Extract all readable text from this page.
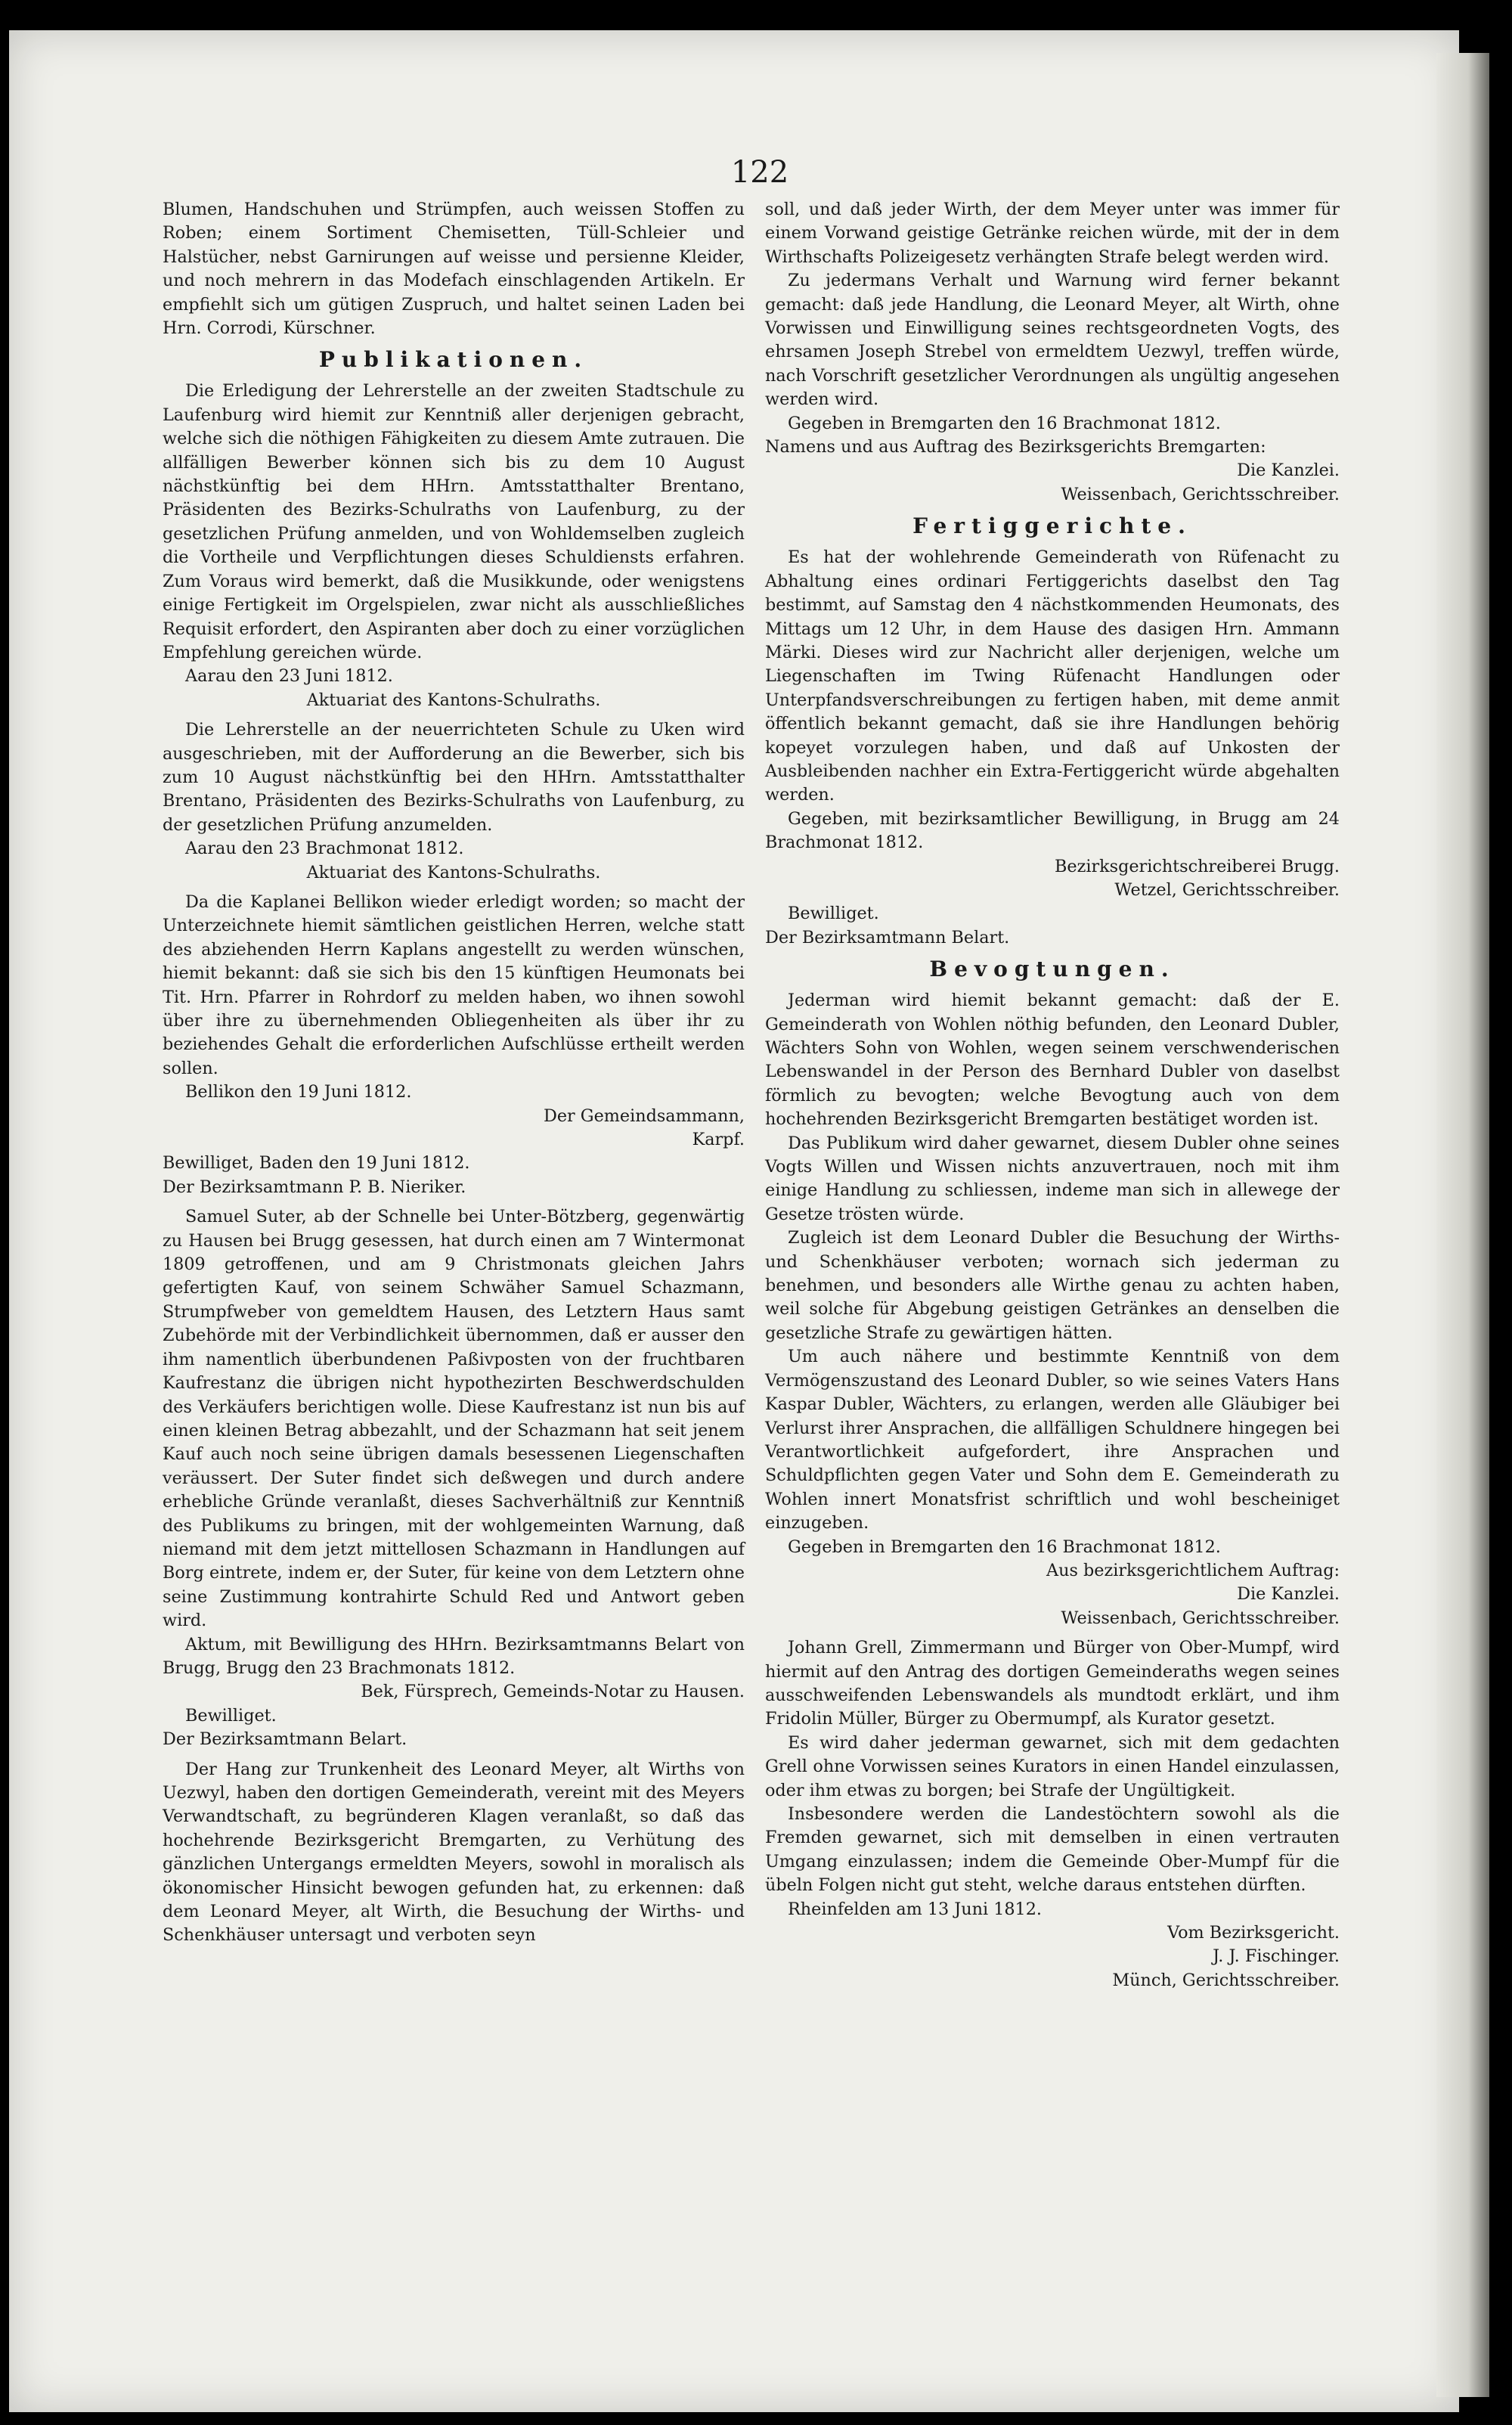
122

Blumen, Handschuhen und Strümpfen, auch weissen Stoffen zu Roben; einem Sortiment Chemisetten, Tüll-Schleier und Halstücher, nebst Garnirungen auf weisse und persienne Kleider, und noch mehrern in das Modefach einschlagenden Artikeln. Er empfiehlt sich um gütigen Zuspruch, und haltet seinen Laden bei Hrn. Corrodi, Kürschner.

Publikationen.

Die Erledigung der Lehrerstelle an der zweiten Stadtschule zu Laufenburg wird hiemit zur Kenntniß aller derjenigen gebracht, welche sich die nöthigen Fähigkeiten zu diesem Amte zutrauen. Die allfälligen Bewerber können sich bis zu dem 10 August nächstkünftig bei dem HHrn. Amtsstatthalter Brentano, Präsidenten des Bezirks-Schulraths von Laufenburg, zu der gesetzlichen Prüfung anmelden, und von Wohldemselben zugleich die Vortheile und Verpflichtungen dieses Schuldiensts erfahren. Zum Voraus wird bemerkt, daß die Musikkunde, oder wenigstens einige Fertigkeit im Orgelspielen, zwar nicht als ausschließliches Requisit erfordert, den Aspiranten aber doch zu einer vorzüglichen Empfehlung gereichen würde.

Aarau den 23 Juni 1812.

Aktuariat des Kantons-Schulraths.

Die Lehrerstelle an der neuerrichteten Schule zu Uken wird ausgeschrieben, mit der Aufforderung an die Bewerber, sich bis zum 10 August nächstkünftig bei den HHrn. Amtsstatthalter Brentano, Präsidenten des Bezirks-Schulraths von Laufenburg, zu der gesetzlichen Prüfung anzumelden.

Aarau den 23 Brachmonat 1812.

Aktuariat des Kantons-Schulraths.

Da die Kaplanei Bellikon wieder erledigt worden; so macht der Unterzeichnete hiemit sämtlichen geistlichen Herren, welche statt des abziehenden Herrn Kaplans angestellt zu werden wünschen, hiemit bekannt: daß sie sich bis den 15 künftigen Heumonats bei Tit. Hrn. Pfarrer in Rohrdorf zu melden haben, wo ihnen sowohl über ihre zu übernehmenden Obliegenheiten als über ihr zu beziehendes Gehalt die erforderlichen Aufschlüsse ertheilt werden sollen.

Bellikon den 19 Juni 1812.

Der Gemeindsammann,

Karpf.

Bewilliget, Baden den 19 Juni 1812.

Der Bezirksamtmann P. B. Nieriker.

Samuel Suter, ab der Schnelle bei Unter-Bötzberg, gegenwärtig zu Hausen bei Brugg gesessen, hat durch einen am 7 Wintermonat 1809 getroffenen, und am 9 Christmonats gleichen Jahrs gefertigten Kauf, von seinem Schwäher Samuel Schazmann, Strumpfweber von gemeldtem Hausen, des Letztern Haus samt Zubehörde mit der Verbindlichkeit übernommen, daß er ausser den ihm namentlich überbundenen Paßivposten von der fruchtbaren Kaufrestanz die übrigen nicht hypothezirten Beschwerdschulden des Verkäufers berichtigen wolle. Diese Kaufrestanz ist nun bis auf einen kleinen Betrag abbezahlt, und der Schazmann hat seit jenem Kauf auch noch seine übrigen damals besessenen Liegenschaften veräussert. Der Suter findet sich deßwegen und durch andere erhebliche Gründe veranlaßt, dieses Sachverhältniß zur Kenntniß des Publikums zu bringen, mit der wohlgemeinten Warnung, daß niemand mit dem jetzt mittellosen Schazmann in Handlungen auf Borg eintrete, indem er, der Suter, für keine von dem Letztern ohne seine Zustimmung kontrahirte Schuld Red und Antwort geben wird.

Aktum, mit Bewilligung des HHrn. Bezirksamtmanns Belart von Brugg, Brugg den 23 Brachmonats 1812.

Bek, Fürsprech, Gemeinds-Notar zu Hausen.

Bewilliget.

Der Bezirksamtmann Belart.

Der Hang zur Trunkenheit des Leonard Meyer, alt Wirths von Uezwyl, haben den dortigen Gemeinderath, vereint mit des Meyers Verwandtschaft, zu begründeren Klagen veranlaßt, so daß das hochehrende Bezirksgericht Bremgarten, zu Verhütung des gänzlichen Untergangs ermeldten Meyers, sowohl in moralisch als ökonomischer Hinsicht bewogen gefunden hat, zu erkennen: daß dem Leonard Meyer, alt Wirth, die Besuchung der Wirths- und Schenkhäuser untersagt und verboten seyn

soll, und daß jeder Wirth, der dem Meyer unter was immer für einem Vorwand geistige Getränke reichen würde, mit der in dem Wirthschafts Polizeigesetz verhängten Strafe belegt werden wird.

Zu jedermans Verhalt und Warnung wird ferner bekannt gemacht: daß jede Handlung, die Leonard Meyer, alt Wirth, ohne Vorwissen und Einwilligung seines rechtsgeordneten Vogts, des ehrsamen Joseph Strebel von ermeldtem Uezwyl, treffen würde, nach Vorschrift gesetzlicher Verordnungen als ungültig angesehen werden wird.

Gegeben in Bremgarten den 16 Brachmonat 1812.

Namens und aus Auftrag des Bezirksgerichts Bremgarten:

Die Kanzlei.

Weissenbach, Gerichtsschreiber.

Fertiggerichte.

Es hat der wohlehrende Gemeinderath von Rüfenacht zu Abhaltung eines ordinari Fertiggerichts daselbst den Tag bestimmt, auf Samstag den 4 nächstkommenden Heumonats, des Mittags um 12 Uhr, in dem Hause des dasigen Hrn. Ammann Märki. Dieses wird zur Nachricht aller derjenigen, welche um Liegenschaften im Twing Rüfenacht Handlungen oder Unterpfandsverschreibungen zu fertigen haben, mit deme anmit öffentlich bekannt gemacht, daß sie ihre Handlungen behörig kopeyet vorzulegen haben, und daß auf Unkosten der Ausbleibenden nachher ein Extra-Fertiggericht würde abgehalten werden.

Gegeben, mit bezirksamtlicher Bewilligung, in Brugg am 24 Brachmonat 1812.

Bezirksgerichtschreiberei Brugg.

Wetzel, Gerichtsschreiber.

Bewilliget.

Der Bezirksamtmann Belart.

Bevogtungen.

Jederman wird hiemit bekannt gemacht: daß der E. Gemeinderath von Wohlen nöthig befunden, den Leonard Dubler, Wächters Sohn von Wohlen, wegen seinem verschwenderischen Lebenswandel in der Person des Bernhard Dubler von daselbst förmlich zu bevogten; welche Bevogtung auch von dem hochehrenden Bezirksgericht Bremgarten bestätiget worden ist.

Das Publikum wird daher gewarnet, diesem Dubler ohne seines Vogts Willen und Wissen nichts anzuvertrauen, noch mit ihm einige Handlung zu schliessen, indeme man sich in allewege der Gesetze trösten würde.

Zugleich ist dem Leonard Dubler die Besuchung der Wirths- und Schenkhäuser verboten; wornach sich jederman zu benehmen, und besonders alle Wirthe genau zu achten haben, weil solche für Abgebung geistigen Getränkes an denselben die gesetzliche Strafe zu gewärtigen hätten.

Um auch nähere und bestimmte Kenntniß von dem Vermögenszustand des Leonard Dubler, so wie seines Vaters Hans Kaspar Dubler, Wächters, zu erlangen, werden alle Gläubiger bei Verlurst ihrer Ansprachen, die allfälligen Schuldnere hingegen bei Verantwortlichkeit aufgefordert, ihre Ansprachen und Schuldpflichten gegen Vater und Sohn dem E. Gemeinderath zu Wohlen innert Monatsfrist schriftlich und wohl bescheiniget einzugeben.

Gegeben in Bremgarten den 16 Brachmonat 1812.

Aus bezirksgerichtlichem Auftrag:

Die Kanzlei.

Weissenbach, Gerichtsschreiber.

Johann Grell, Zimmermann und Bürger von Ober-Mumpf, wird hiermit auf den Antrag des dortigen Gemeinderaths wegen seines ausschweifenden Lebenswandels als mundtodt erklärt, und ihm Fridolin Müller, Bürger zu Obermumpf, als Kurator gesetzt.

Es wird daher jederman gewarnet, sich mit dem gedachten Grell ohne Vorwissen seines Kurators in einen Handel einzulassen, oder ihm etwas zu borgen; bei Strafe der Ungültigkeit.

Insbesondere werden die Landestöchtern sowohl als die Fremden gewarnet, sich mit demselben in einen vertrauten Umgang einzulassen; indem die Gemeinde Ober-Mumpf für die übeln Folgen nicht gut steht, welche daraus entstehen dürften.

Rheinfelden am 13 Juni 1812.

Vom Bezirksgericht.

J. J. Fischinger.

Münch, Gerichtsschreiber.
